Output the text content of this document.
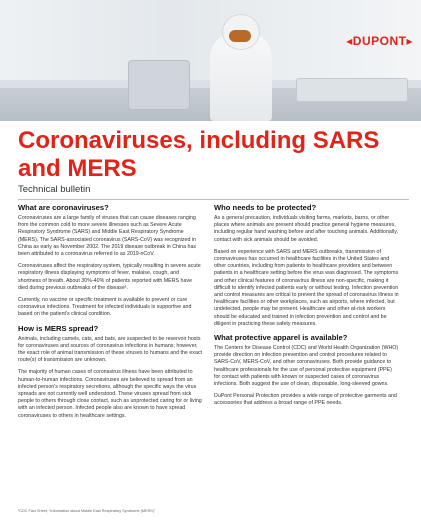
◂DUPONT▸
Coronaviruses, including SARS and MERS
Technical bulletin
What are coronaviruses?

Coronaviruses are a large family of viruses that can cause diseases ranging from the common cold to more severe illnesses such as Severe Acute Respiratory Syndrome (SARS) and Middle East Respiratory Syndrome (MERS). The SARS-associated coronavirus (SARS-CoV) was recognized in China as early as November 2002. The 2019 disease outbreak in China has been attributed to a coronavirus referred to as 2019-nCoV.

Coronaviruses affect the respiratory system, typically resulting in severe acute respiratory illness displaying symptoms of fever, malaise, cough, and shortness of breath. About 30%-40% of patients reported with MERS have died during previous outbreaks of the disease¹.

Currently, no vaccine or specific treatment is available to prevent or cure coronavirus infections. Treatment for infected individuals is supportive and based on the patient's clinical condition.

How is MERS spread?

Animals, including camels, cats, and bats, are suspected to be reservoir hosts for coronaviruses and sources of coronavirus infections in humans; however, the exact role of animal transmission of these viruses to humans and the exact route(s) of transmission are unknown.

The majority of human cases of coronavirus illness have been attributed to human-to-human infections. Coronaviruses are believed to spread from an infected person's respiratory secretions, although the specific ways the virus spreads are not currently well understood. These viruses spread from sick people to others through close contact, such as unprotected caring for or living with an infected person. Infected people also are known to have spread coronaviruses to others in healthcare settings.

Who needs to be protected?

As a general precaution, individuals visiting farms, markets, barns, or other places where animals are present should practice general hygiene measures, including regular hand washing before and after touching animals. Additionally, contact with sick animals should be avoided.

Based on experience with SARS and MERS outbreaks, transmission of coronaviruses has occurred in healthcare facilities in the United States and other countries, including from patients to healthcare providers and between patients in a healthcare setting before the virus was diagnosed. The symptoms and other clinical features of coronavirus illness are non-specific, making it difficult to identify infected patients early or without testing. Infection prevention and control measures are critical to prevent the spread of coronavirus illness in healthcare facilities or other workplaces, such as airports, where infected, but undetected, people may be present. Healthcare and other at-risk workers should be educated and trained in infection prevention and control and be diligent in practicing these safety measures.

What protective apparel is available?

The Centers for Disease Control (CDC) and World Health Organization (WHO) provide direction on infection prevention and control procedures related to SARS-CoV, MERS-CoV, and other coronaviruses. Both provide guidance to healthcare professionals for the use of personal protective equipment (PPE) for contact with patients with known or suspected cases of coronavirus infections. Both suggest the use of clean, disposable, long-sleeved gowns.

DuPont Personal Protection provides a wide range of protective garments and accessories that address a broad range of PPE needs.

¹CDC Fact Sheet, “Information about Middle East Respiratory Syndrome (MERS)”
